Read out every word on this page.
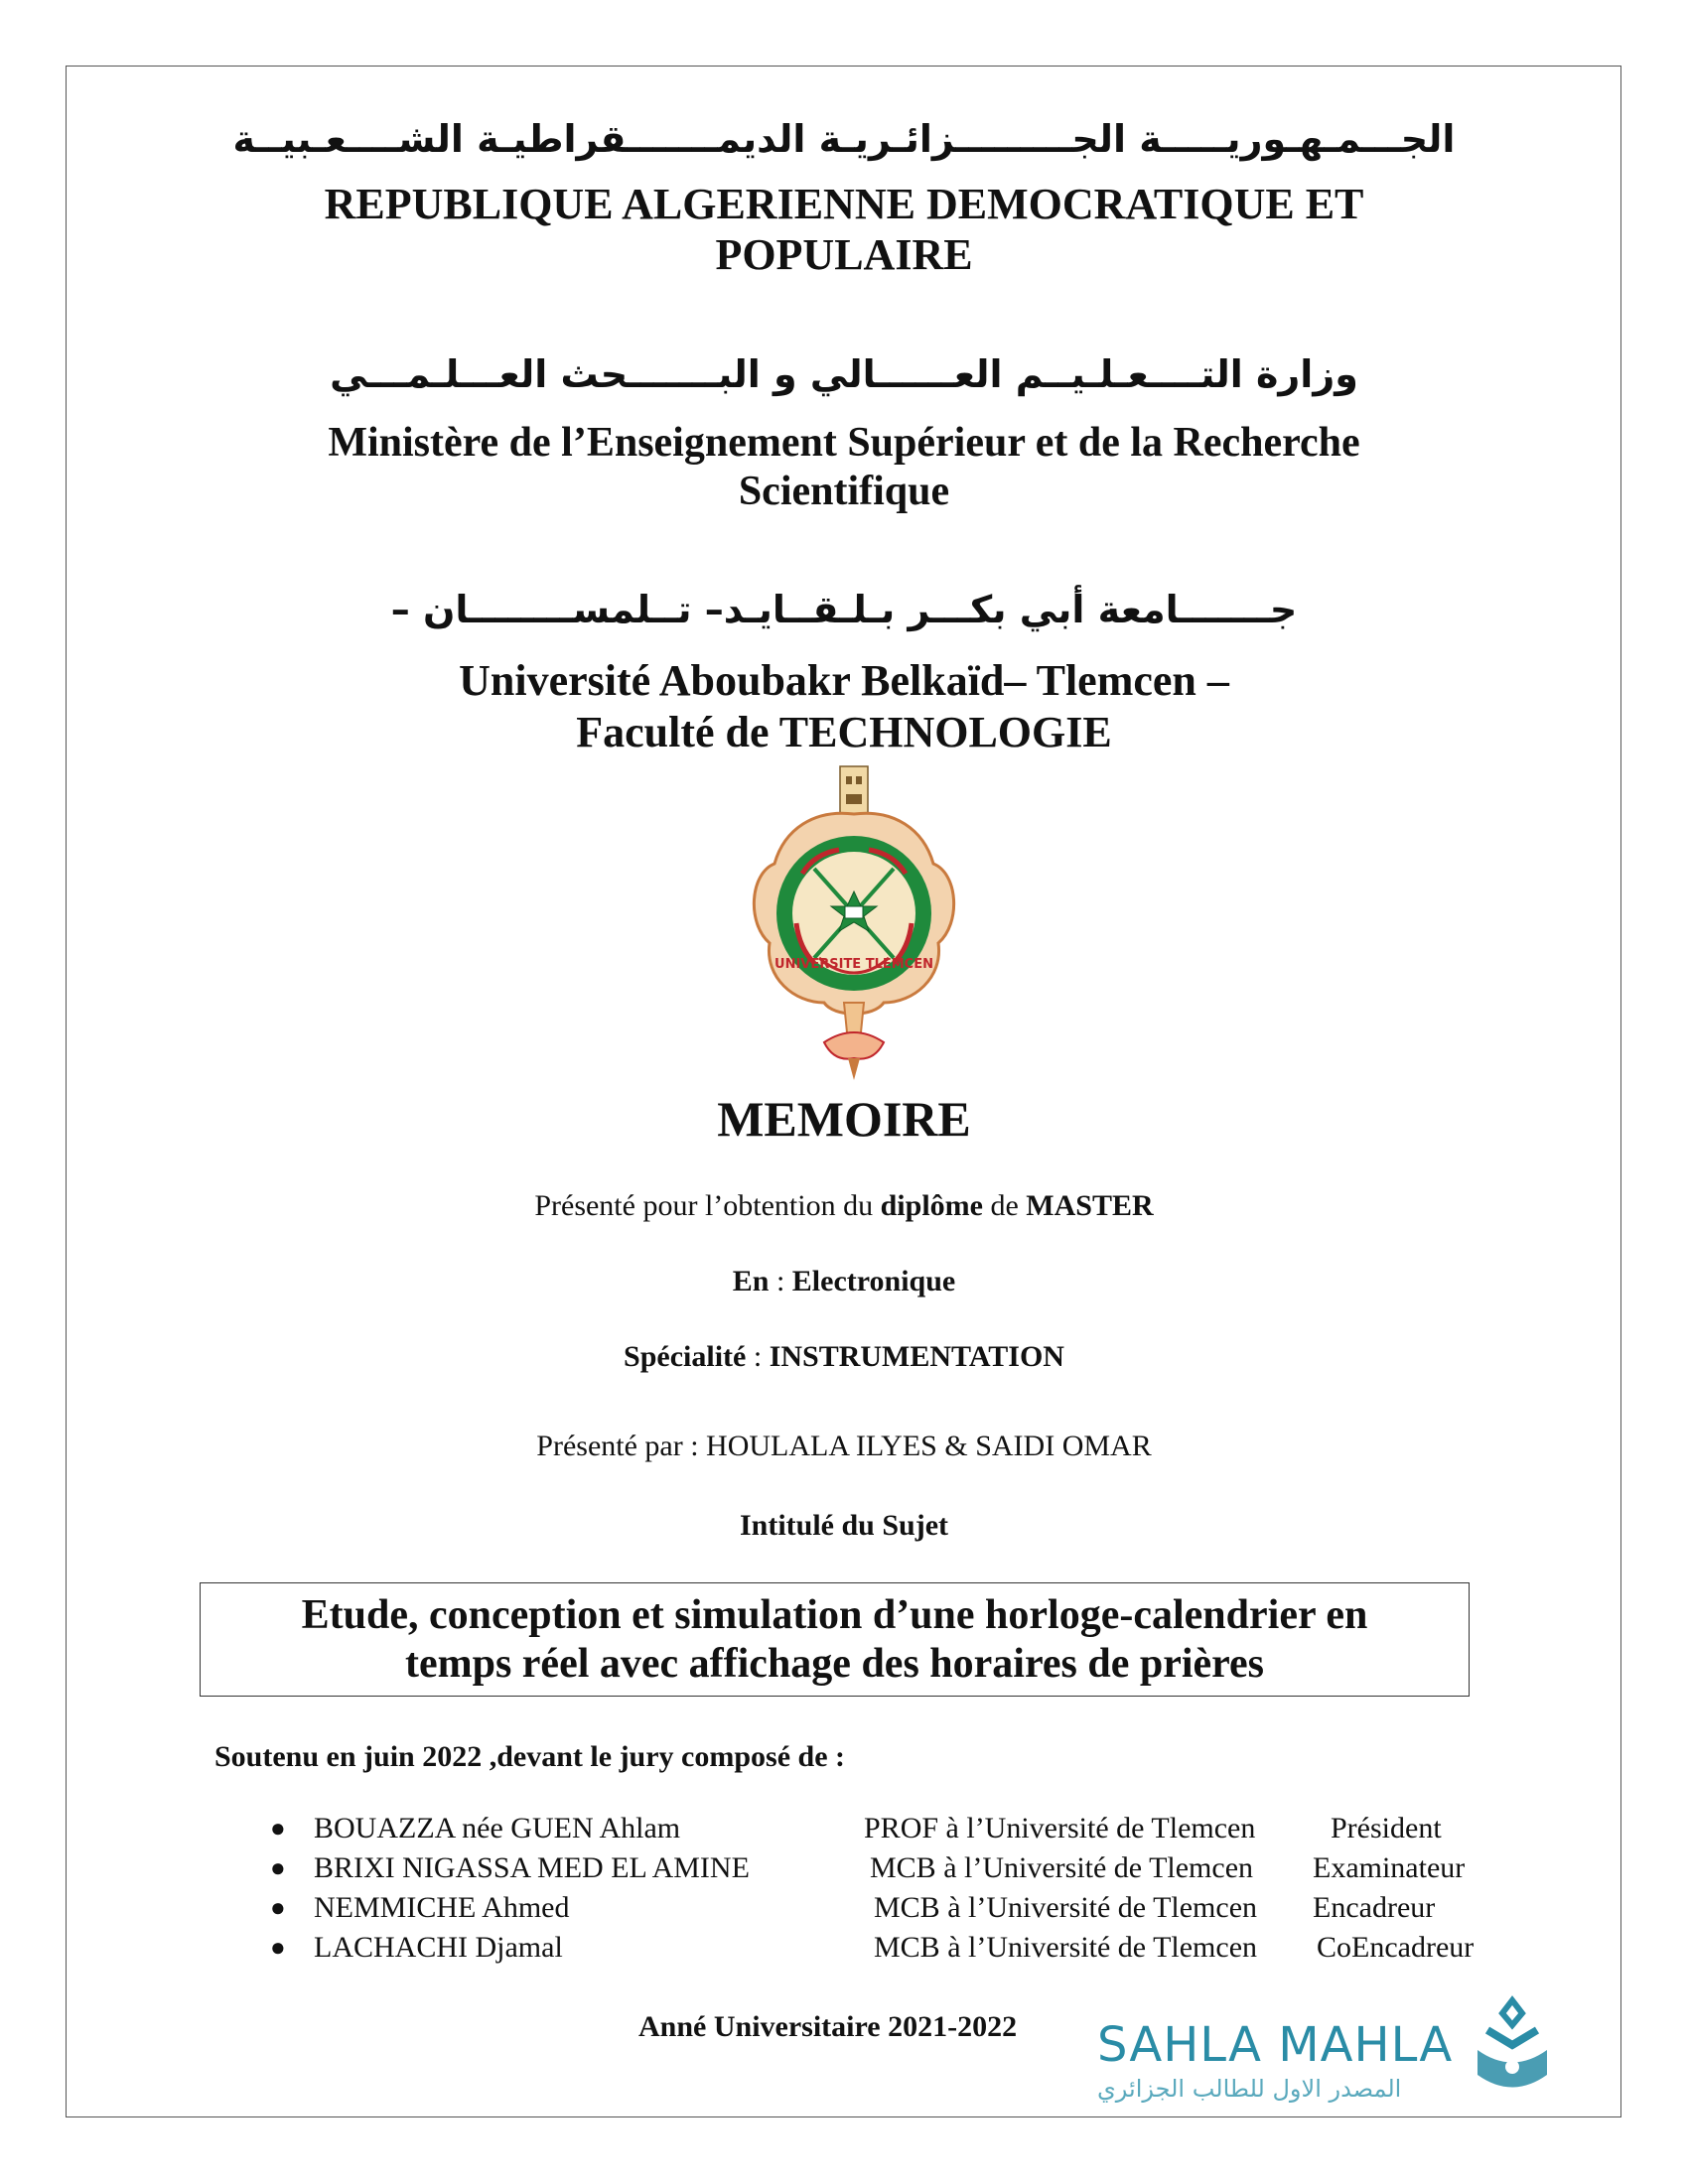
الجـــمـهـوريـــــة الجـــــــــزائـريـة الديمـــــــقراطيـة الشــــعـبيــة
REPUBLIQUE ALGERIENNE DEMOCRATIQUE ET
POPULAIRE
وزارة التــــعـلـيــم العــــــالي و البـــــــحث العـــلـمـــي
Ministère de l’Enseignement Supérieur et de la Recherche
Scientifique
جـــــــامعة أبي بكـــر بـلـقــايـد– تــلمســــــــان –
Université Aboubakr Belkaïd– Tlemcen –
Faculté de TECHNOLOGIE
UNIVERSITE TLEMCEN
MEMOIRE
Présenté pour l’obtention du diplôme de MASTER
En : Electronique
Spécialité : INSTRUMENTATION
Présenté par : HOULALA ILYES & SAIDI OMAR
Intitulé du Sujet
Etude, conception et simulation d’une horloge-calendrier en
temps réel avec affichage des horaires de prières
Soutenu en juin 2022 ,devant le jury composé de :
● BOUAZZA née GUEN Ahlam	PROF à l’Université de Tlemcen	Président
● BRIXI NIGASSA MED EL AMINE	MCB à l’Université de Tlemcen Examinateur
● NEMMICHE Ahmed	MCB à l’Université de Tlemcen Encadreur
● LACHACHI Djamal	MCB à l’Université de Tlemcen CoEncadreur
Anné Universitaire 2021-2022 SAHLA MAHLA
المصدر الاول للطالب الجزائري
